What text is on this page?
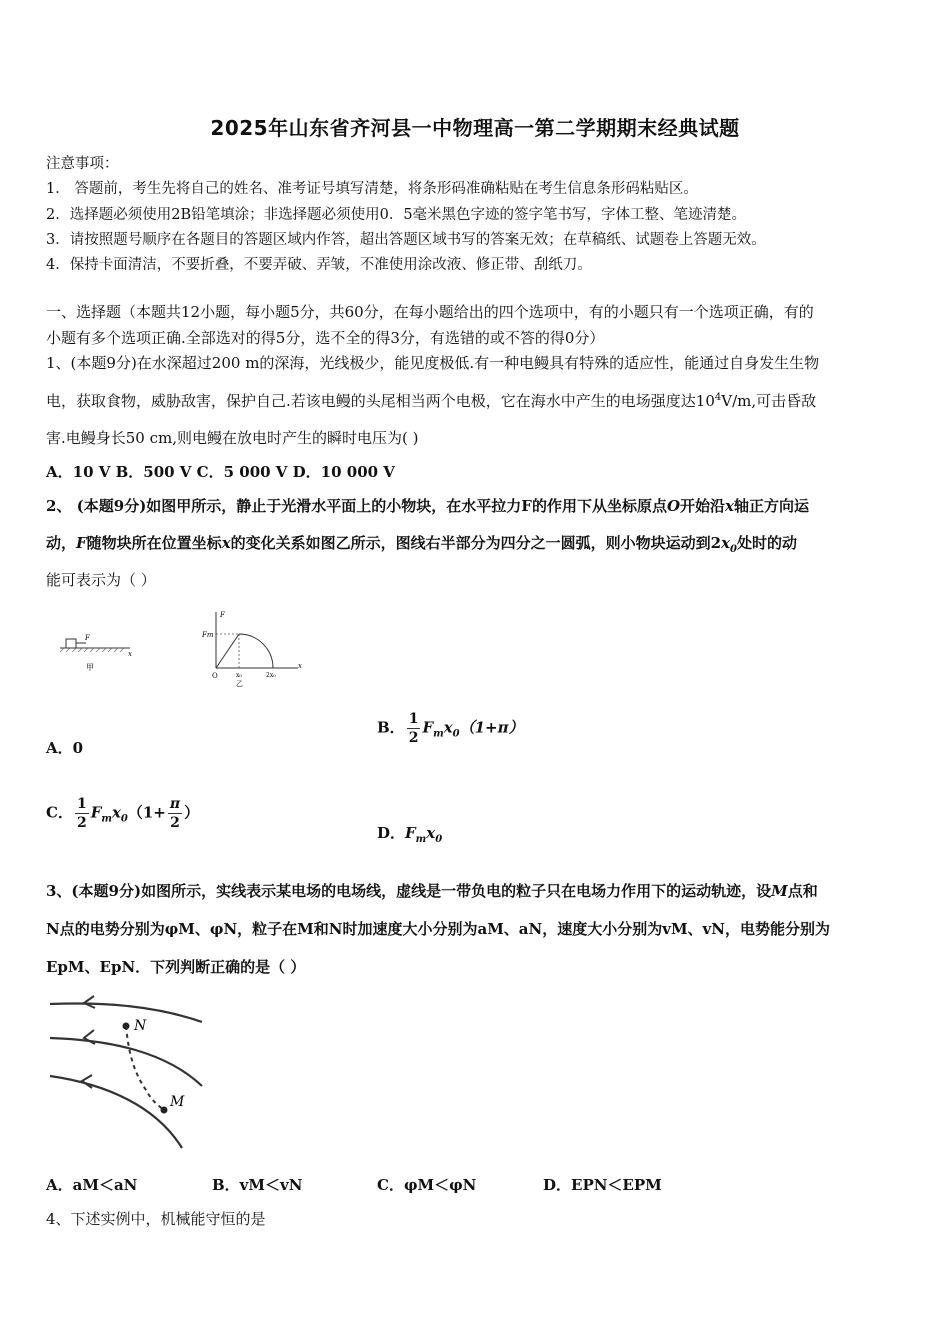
2025年山东省齐河县一中物理高一第二学期期末经典试题
注意事项：
1． 答题前，考生先将自己的姓名、准考证号填写清楚，将条形码准确粘贴在考生信息条形码粘贴区。
2．选择题必须使用2B铅笔填涂；非选择题必须使用0．5毫米黑色字迹的签字笔书写，字体工整、笔迹清楚。
3．请按照题号顺序在各题目的答题区域内作答，超出答题区域书写的答案无效；在草稿纸、试题卷上答题无效。
4．保持卡面清洁，不要折叠，不要弄破、弄皱，不准使用涂改液、修正带、刮纸刀。
一、选择题（本题共12小题，每小题5分，共60分，在每小题给出的四个选项中，有的小题只有一个选项正确，有的
小题有多个选项正确.全部选对的得5分，选不全的得3分，有选错的或不答的得0分）
1、(本题9分)在水深超过200 m的深海，光线极少，能见度极低.有一种电鳗具有特殊的适应性，能通过自身发生生物
电，获取食物，威胁敌害，保护自己.若该电鳗的头尾相当两个电极，它在海水中产生的电场强度达$10^4V/m$,可击昏敌
害.电鳗身长50 cm,则电鳗在放电时产生的瞬时电压为( )
A．10 V B．500 V C．5 000 V D．10 000 V
2、 (本题9分)如图甲所示，静止于光滑水平面上的小物块，在水平拉力F的作用下从坐标原点O开始沿x轴正方向运
动，F随物块所在位置坐标x的变化关系如图乙所示，图线右半部分为四分之一圆弧，则小物块运动到$2x_0$处时的动
能可表示为（ ）
F
x
甲
F
Fm
O
x
x₀	2x₀
乙
A．0
B． $\frac{1}{2} F_mx_0(1+\pi)$
C． $\frac{1}{2} F_mx_0(1+ \frac{\pi}{2}$ ）
D．$F_mx_0$
3、(本题9分)如图所示，实线表示某电场的电场线，虚线是一带负电的粒子只在电场力作用下的运动轨迹，设M点和
N点的电势分别为φM、φN，粒子在M和N时加速度大小分别为aM、aN，速度大小分别为vM、vN，电势能分别为
EpM、EpN．下列判断正确的是（ ）
N
M
A．aM＜aN	B．vM＜vN	C．φM＜φN	D．EPN＜EPM
4、下述实例中，机械能守恒的是
